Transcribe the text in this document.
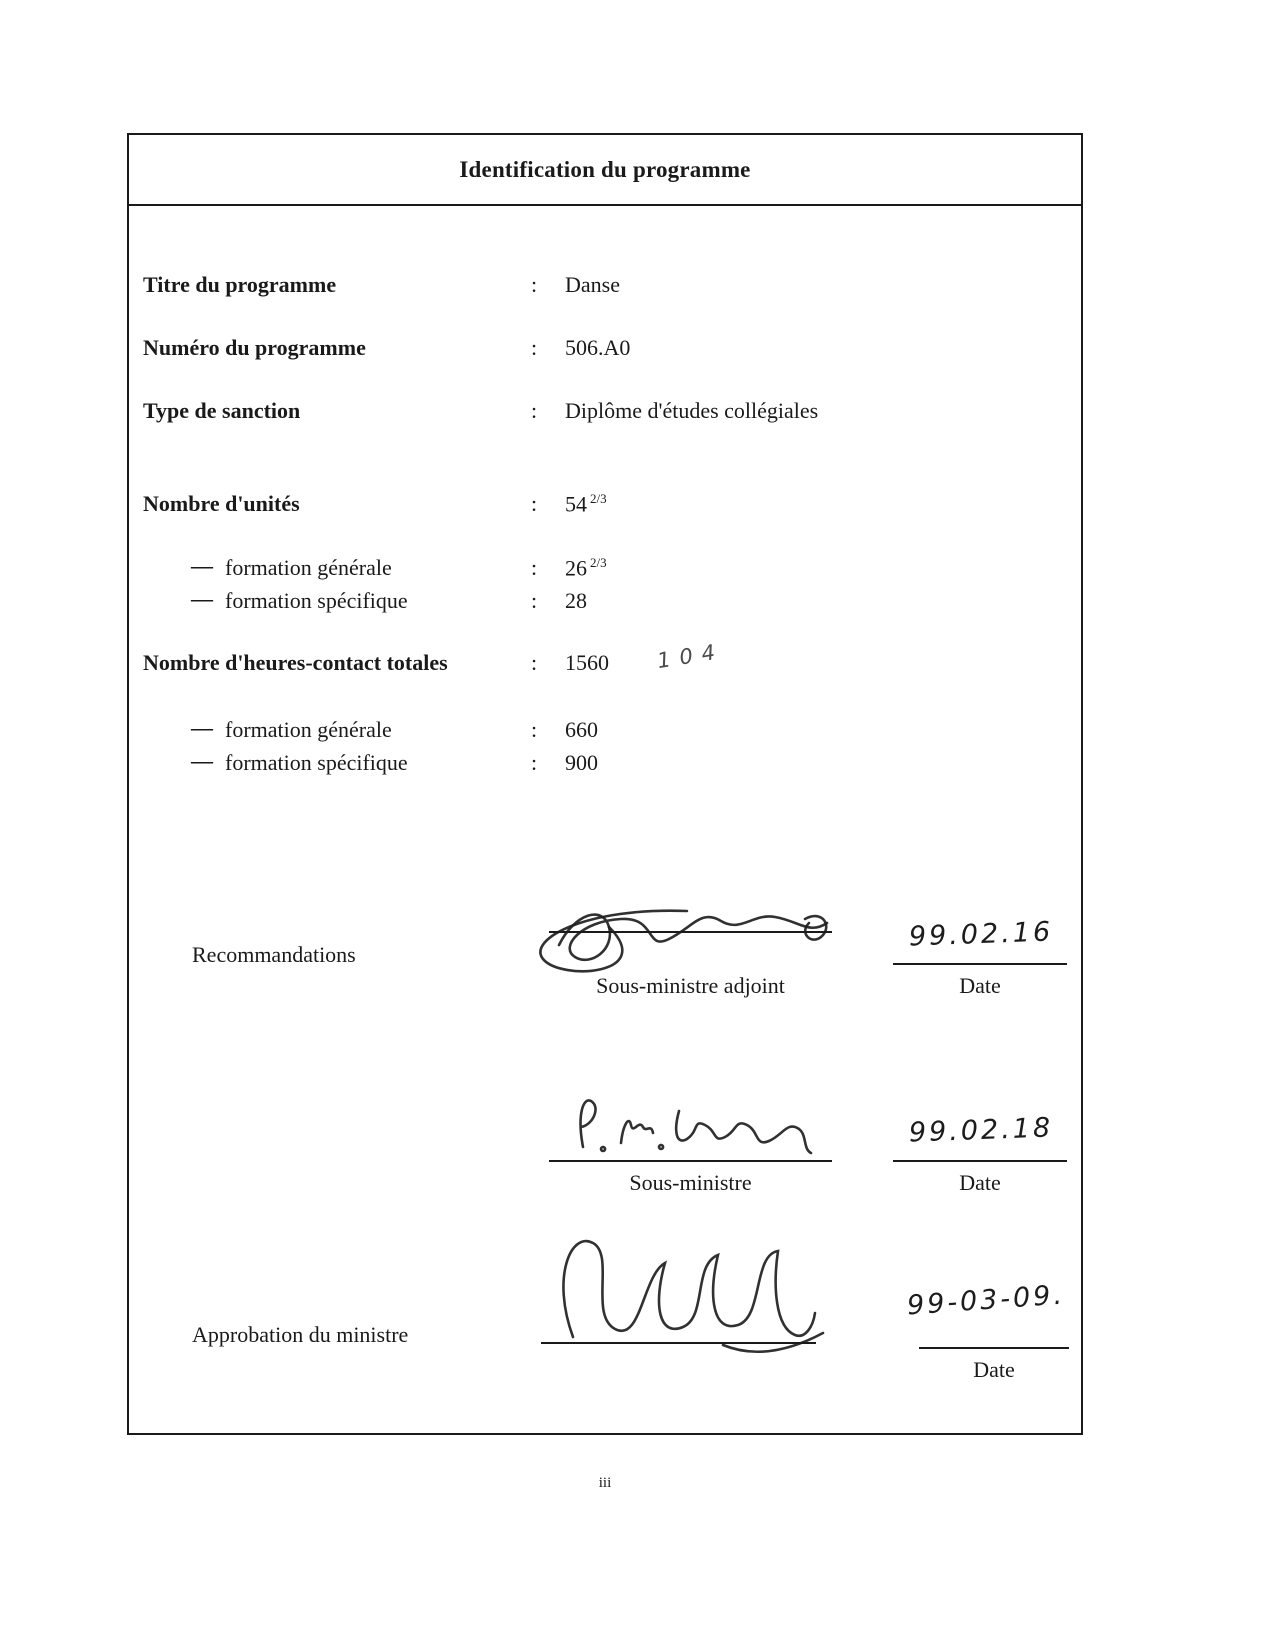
Identification du programme
Titre du programme	: Danse
Numéro du programme	: 506.A0
Type de sanction	: Diplôme d'études collégiales
Nombre d'unités	: 54 $^{2/3}$
— formation générale	: 26 $^{2/3}$
— formation spécifique	: 28
Nombre d'heures-contact totales	: 1560 104
— formation générale	: 660
— formation spécifique	: 900
Recommandations
Sous-ministre adjoint
99.02.16
Date
Sous-ministre
99.02.18
Date
Approbation du ministre
99-03-09.
Date
iii
